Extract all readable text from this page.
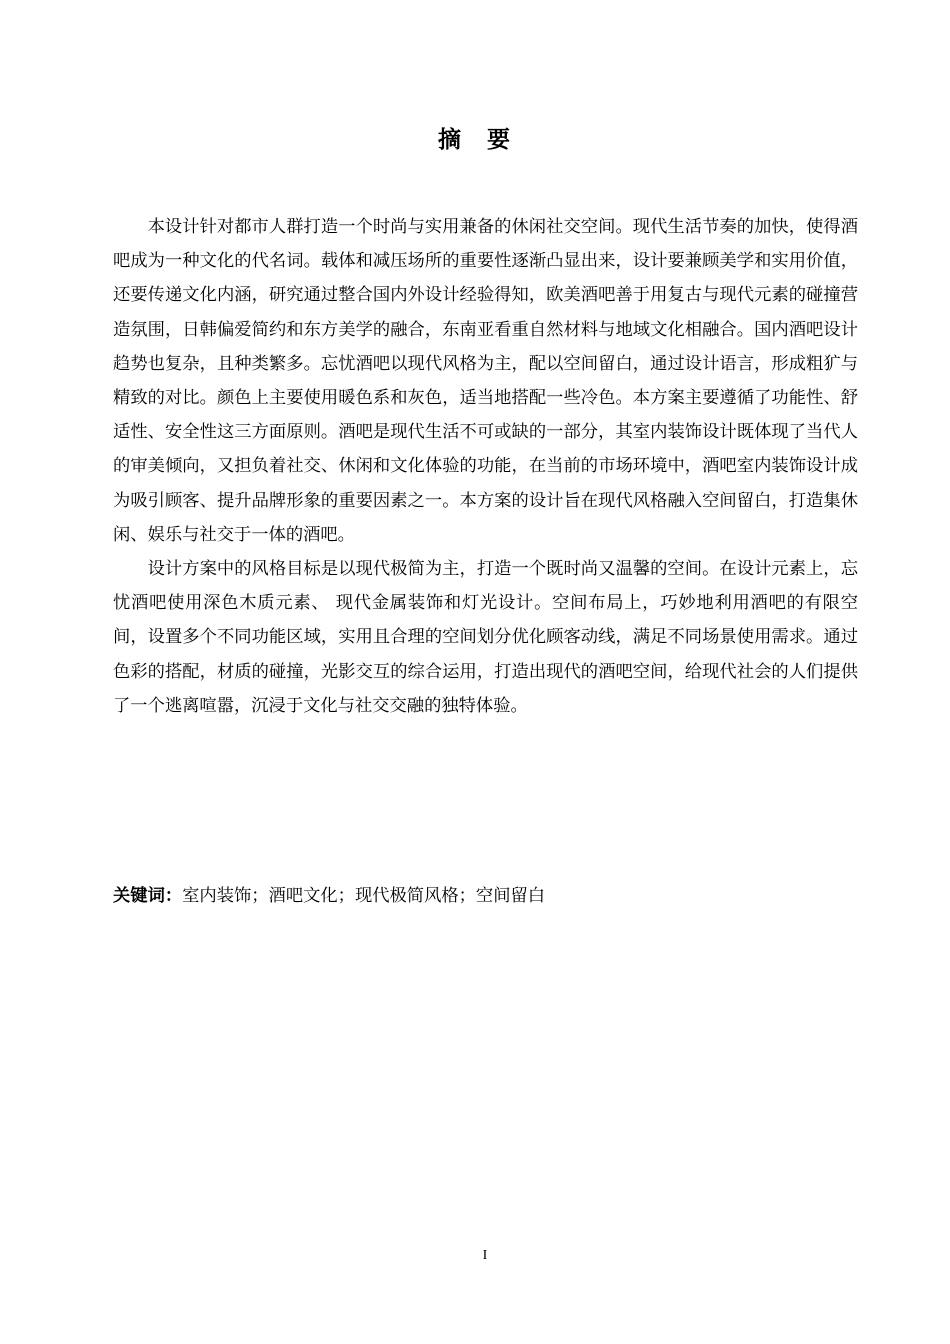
摘要

本设计针对都市人群打造一个时尚与实用兼备的休闲社交空间。现代生活节奏的加快，使得酒吧成为一种文化的代名词。载体和减压场所的重要性逐渐凸显出来，设计要兼顾美学和实用价值，还要传递文化内涵，研究通过整合国内外设计经验得知，欧美酒吧善于用复古与现代元素的碰撞营造氛围，日韩偏爱简约和东方美学的融合，东南亚看重自然材料与地域文化相融合。国内酒吧设计趋势也复杂，且种类繁多。忘忧酒吧以现代风格为主，配以空间留白，通过设计语言，形成粗犷与精致的对比。颜色上主要使用暖色系和灰色，适当地搭配一些冷色。本方案主要遵循了功能性、舒适性、安全性这三方面原则。酒吧是现代生活不可或缺的一部分，其室内装饰设计既体现了当代人的审美倾向，又担负着社交、休闲和文化体验的功能，在当前的市场环境中，酒吧室内装饰设计成为吸引顾客、提升品牌形象的重要因素之一。本方案的设计旨在现代风格融入空间留白，打造集休闲、娱乐与社交于一体的酒吧。

设计方案中的风格目标是以现代极简为主，打造一个既时尚又温馨的空间。在设计元素上，忘忧酒吧使用深色木质元素、 现代金属装饰和灯光设计。空间布局上，巧妙地利用酒吧的有限空间，设置多个不同功能区域，实用且合理的空间划分优化顾客动线，满足不同场景使用需求。通过色彩的搭配，材质的碰撞，光影交互的综合运用，打造出现代的酒吧空间，给现代社会的人们提供了一个逃离喧嚣，沉浸于文化与社交交融的独特体验。

关键词：室内装饰；酒吧文化；现代极简风格；空间留白
I
